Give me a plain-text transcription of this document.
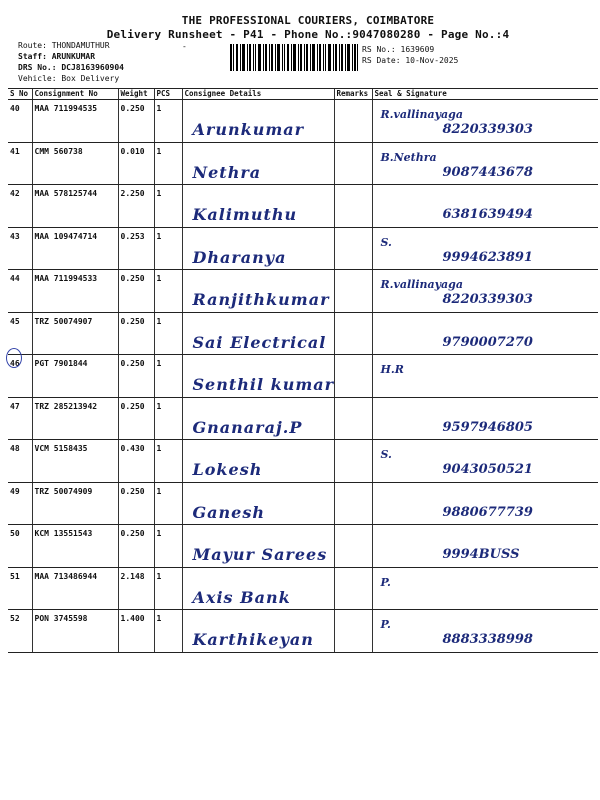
THE PROFESSIONAL COURIERS, COIMBATORE
Delivery Runsheet - P41 - Phone No.:9047080280 - Page No.:4
Route: THONDAMUTHUR
Staff: ARUNKUMAR
DRS No.: DCJ8163960904
Vehicle: Box Delivery
RS No.: 1639609
RS Date: 10-Nov-2025
-
S No	Consignment No	Weight	PCS	Consignee Details	Remarks	Seal & Signature
40	MAA 711994535	0.250	1	Arunkumar		R.vallinayaga
8220339303

41	CMM 560738	0.010	1	Nethra		B.Nethra
9087443678

42	MAA 578125744	2.250	1	Kalimuthu		6381639494

43	MAA 109474714	0.253	1	Dharanya		S.
9994623891

44	MAA 711994533	0.250	1	Ranjithkumar		R.vallinayaga
8220339303

45	TRZ 50074907	0.250	1	Sai Electrical		9790007270

46	PGT 7901844	0.250	1	Senthil kumar		H.R

47	TRZ 285213942	0.250	1	Gnanaraj.P		9597946805

48	VCM 5158435	0.430	1	Lokesh		S.
9043050521

49	TRZ 50074909	0.250	1	Ganesh		9880677739

50	KCM 13551543	0.250	1	Mayur Sarees		9994BUSS

51	MAA 713486944	2.148	1	Axis Bank		P.

52	PON 3745598	1.400	1	Karthikeyan		P.
8883338998
